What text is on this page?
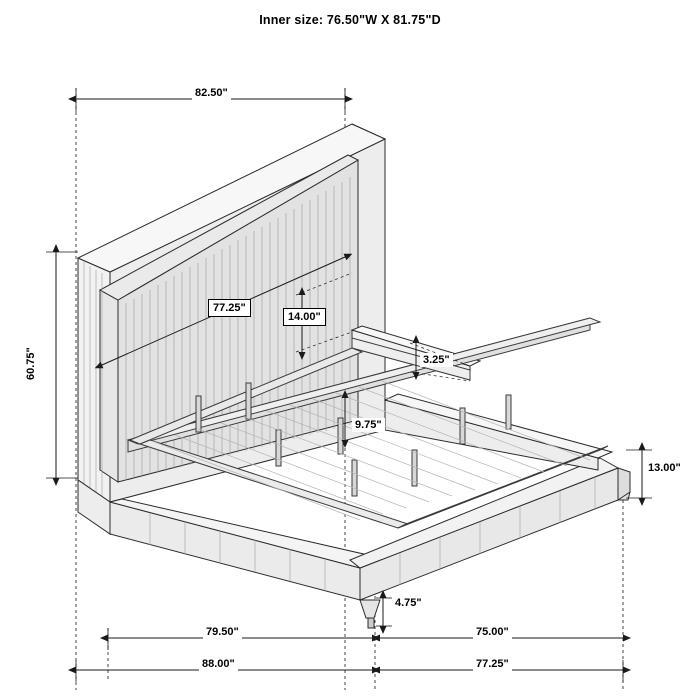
Inner size: 76.50"W X 81.75"D
82.50"
77.25"
14.00"
3.25"
9.75"
60.75"
13.00"
4.75"
79.50"	75.00"
88.00"	77.25"
